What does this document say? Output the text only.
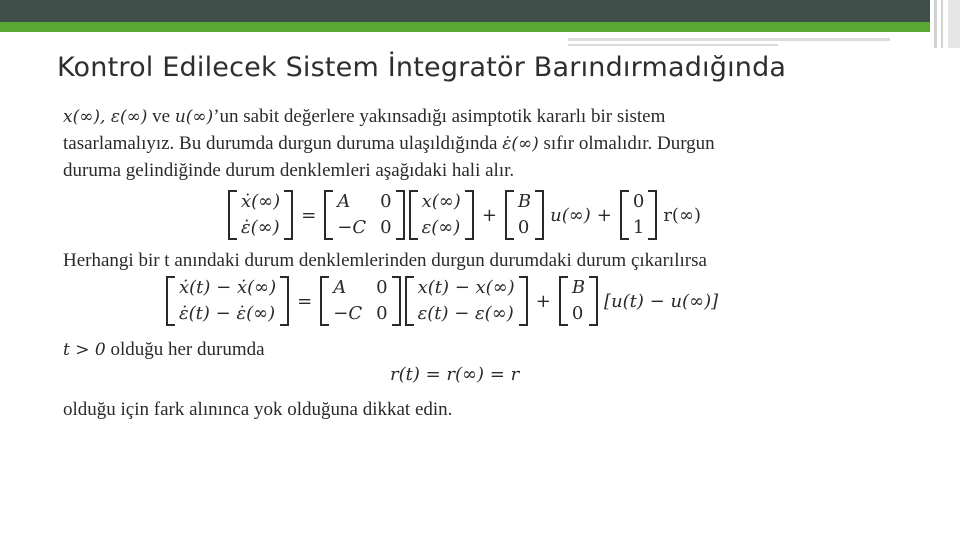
Kontrol Edilecek Sistem İntegratör Barındırmadığında
x(∞), ε(∞) ve u(∞)’un sabit değerlere yakınsadığı asimptotik kararlı bir sistem
tasarlamalıyız. Bu durumda durgun duruma ulaşıldığında ε̇(∞) sıfır olmalıdır. Durgun
duruma gelindiğinde durum denklemleri aşağıdaki hali alır.
ẋ(∞)
ε̇(∞)
=
A	0
−C 0
x(∞)
ε(∞)
+
B
0
u(∞) +
0
1
r(∞)
Herhangi bir t anındaki durum denklemlerinden durgun durumdaki durum çıkarılırsa
ẋ(t) − ẋ(∞)
ε̇(t) − ε̇(∞)
=
A	0
−C 0
x(t) − x(∞)
ε(t) − ε(∞)
+
B
0
[u(t) − u(∞)]
t > 0 olduğu her durumda
r(t) = r(∞) = r
olduğu için fark alınınca yok olduğuna dikkat edin.
